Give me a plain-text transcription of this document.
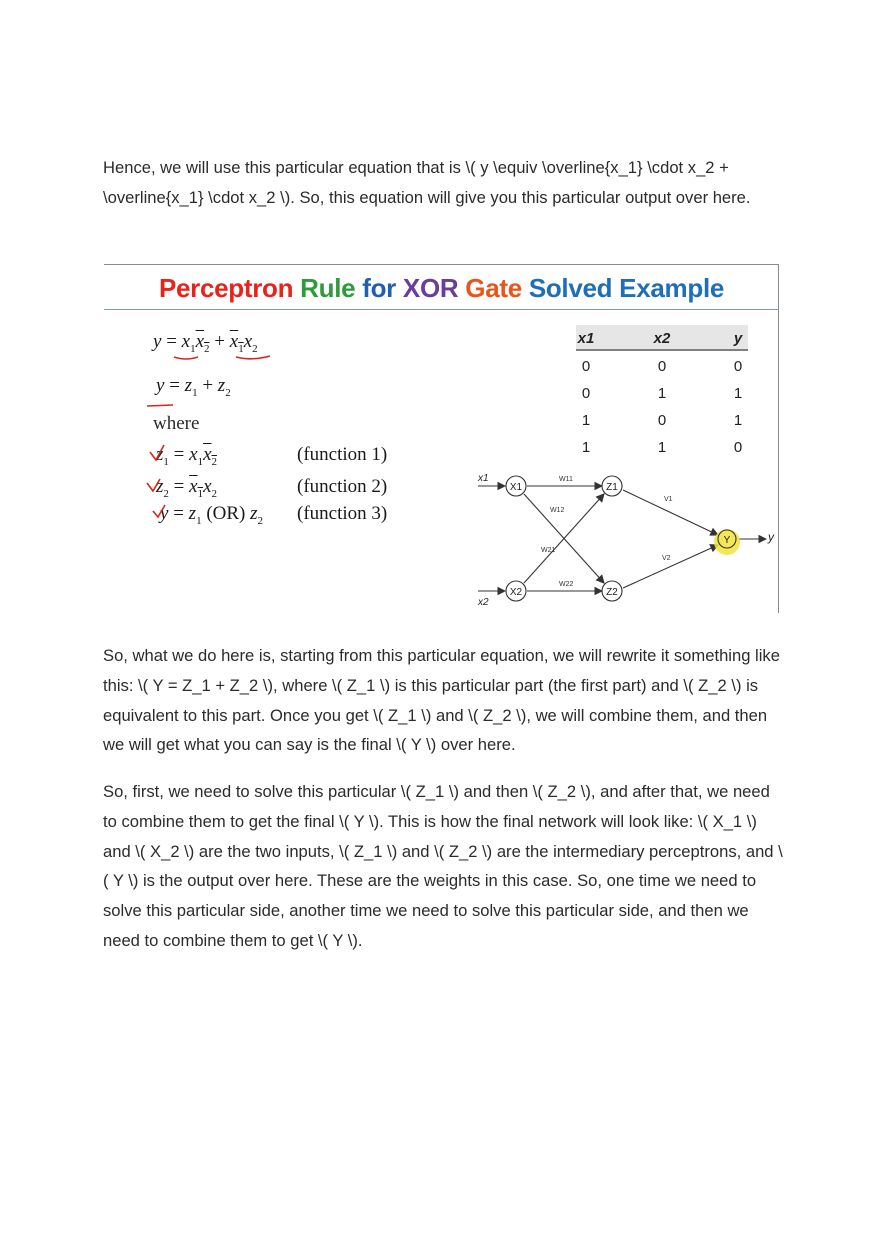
Hence, we will use this particular equation that is \( y \equiv \overline{x_1} \cdot x_2 + \overline{x_1} \cdot x_2 \). So, this equation will give you this particular output over here.

Perceptron Rule for XOR Gate Solved Example
$y = x_1x_2 + x_1x_2$
$y = z_1 + z_2$
where
$z_1 = x_1x_2$
$z_2 = x_1x_2$
$y = z_1$ (OR) $z_2$
(function 1)
(function 2)
(function 3)
x1	x2	y
0	0	0
0	1	1
1	0	1
1	1	0
X1
X2
Z1
Z2
Y
x1
x2
y
W11
W12
W21
W22
V1
V2

So, what we do here is, starting from this particular equation, we will rewrite it something like this: \( Y = Z_1 + Z_2 \), where \( Z_1 \) is this particular part (the first part) and \( Z_2 \) is equivalent to this part. Once you get \( Z_1 \) and \( Z_2 \), we will combine them, and then we will get what you can say is the final \( Y \) over here.

So, first, we need to solve this particular \( Z_1 \) and then \( Z_2 \), and after that, we need to combine them to get the final \( Y \). This is how the final network will look like: \( X_1 \) and \( X_2 \) are the two inputs, \( Z_1 \) and \( Z_2 \) are the intermediary perceptrons, and \( Y \) is the output over here. These are the weights in this case. So, one time we need to solve this particular side, another time we need to solve this particular side, and then we need to combine them to get \( Y \).
